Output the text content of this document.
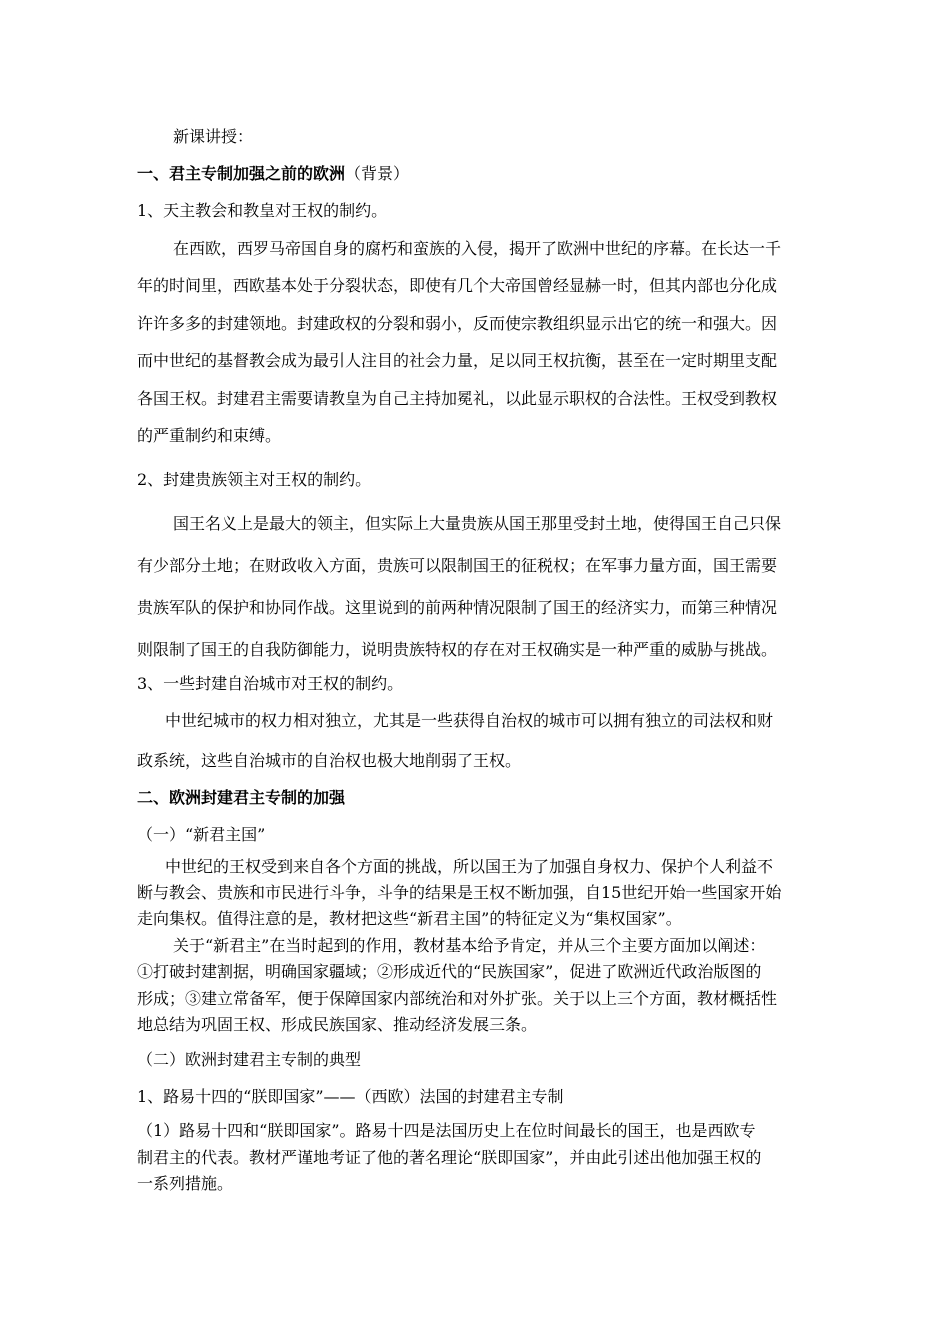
新课讲授：
一、君主专制加强之前的欧洲（背景）
1、天主教会和教皇对王权的制约。
在西欧，西罗马帝国自身的腐朽和蛮族的入侵，揭开了欧洲中世纪的序幕。在长达一千
年的时间里，西欧基本处于分裂状态，即使有几个大帝国曾经显赫一时，但其内部也分化成
许许多多的封建领地。封建政权的分裂和弱小，反而使宗教组织显示出它的统一和强大。因
而中世纪的基督教会成为最引人注目的社会力量，足以同王权抗衡，甚至在一定时期里支配
各国王权。封建君主需要请教皇为自己主持加冕礼，以此显示职权的合法性。王权受到教权
的严重制约和束缚。
2、封建贵族领主对王权的制约。
国王名义上是最大的领主，但实际上大量贵族从国王那里受封土地，使得国王自己只保
有少部分土地；在财政收入方面，贵族可以限制国王的征税权；在军事力量方面，国王需要
贵族军队的保护和协同作战。这里说到的前两种情况限制了国王的经济实力，而第三种情况
则限制了国王的自我防御能力，说明贵族特权的存在对王权确实是一种严重的威胁与挑战。
3、一些封建自治城市对王权的制约。
中世纪城市的权力相对独立，尤其是一些获得自治权的城市可以拥有独立的司法权和财
政系统，这些自治城市的自治权也极大地削弱了王权。
二、欧洲封建君主专制的加强
（一）“新君主国”
中世纪的王权受到来自各个方面的挑战，所以国王为了加强自身权力、保护个人利益不
断与教会、贵族和市民进行斗争，斗争的结果是王权不断加强，自15世纪开始一些国家开始
走向集权。值得注意的是，教材把这些“新君主国”的特征定义为“集权国家”。
关于“新君主”在当时起到的作用，教材基本给予肯定，并从三个主要方面加以阐述：
①打破封建割据，明确国家疆域；②形成近代的“民族国家”，促进了欧洲近代政治版图的
形成；③建立常备军，便于保障国家内部统治和对外扩张。关于以上三个方面，教材概括性
地总结为巩固王权、形成民族国家、推动经济发展三条。
（二）欧洲封建君主专制的典型
1、路易十四的“朕即国家”——（西欧）法国的封建君主专制
（1）路易十四和“朕即国家”。路易十四是法国历史上在位时间最长的国王，也是西欧专
制君主的代表。教材严谨地考证了他的著名理论“朕即国家”，并由此引述出他加强王权的
一系列措施。
